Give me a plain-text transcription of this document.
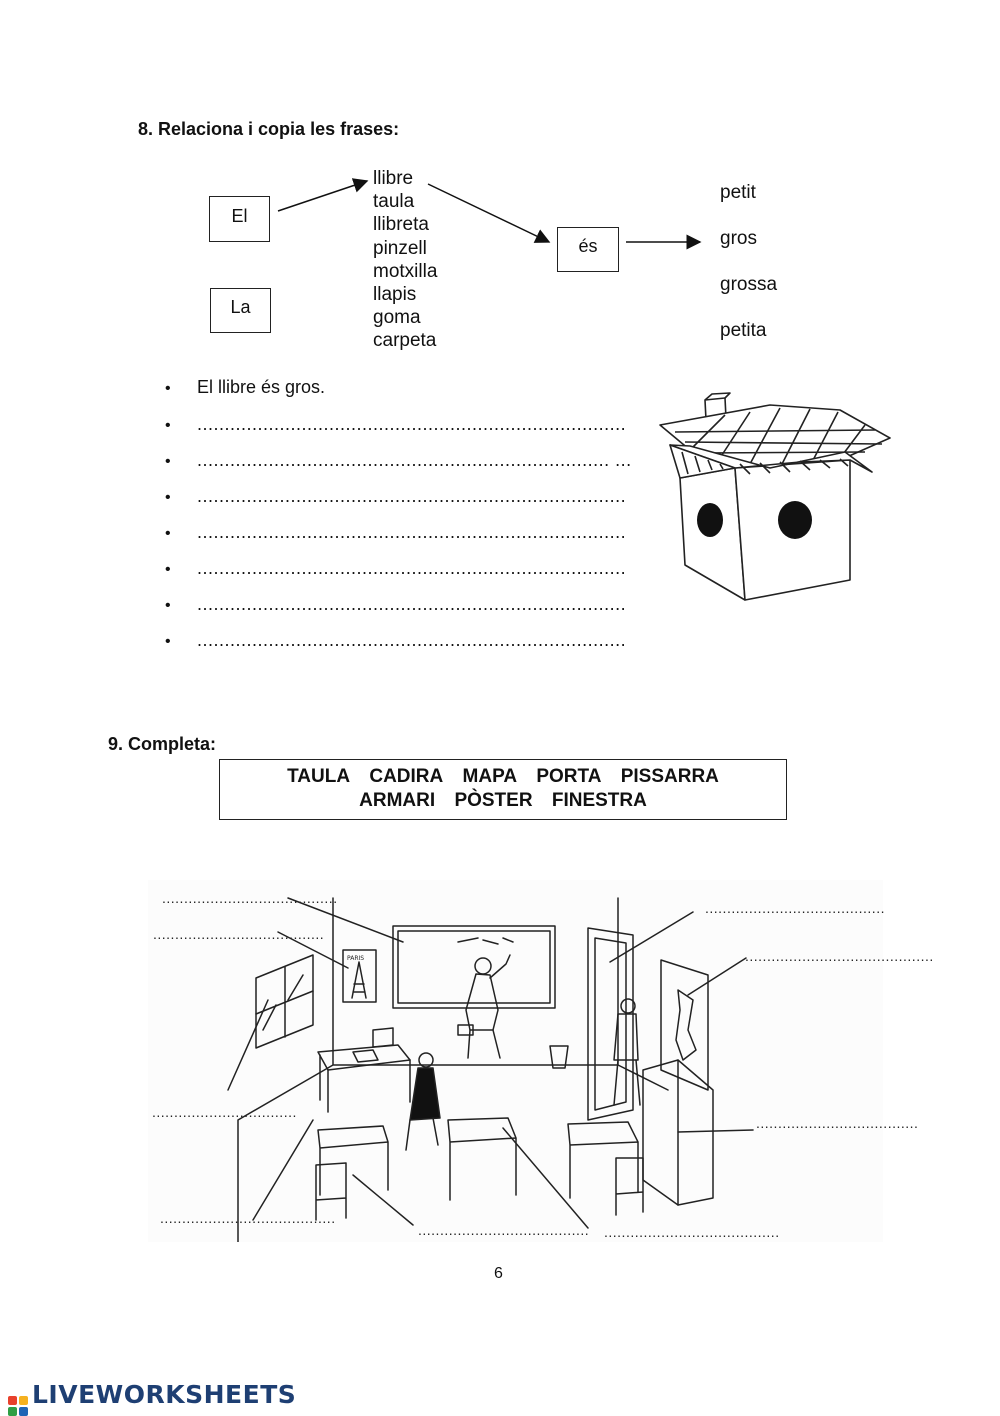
8. Relaciona i copia les frases:
El
La
llibre
taula
llibreta
pinzell
motxilla
llapis
goma
carpeta
és
petit
gros
grossa
petita
• El llibre és gros.
• ..............................................................................
• ........................................................................... ...
• ..............................................................................
• ..............................................................................
• ..............................................................................
•..............................................................................
• ..............................................................................
9. Completa:
TAULA CADIRA MAPA PORTA PISSARRA
ARMARI PÒSTER FINESTRA
PARIS
........................................
.......................................
.................................
........................................
....................................... ........................................
.........................................
...........................................
.....................................
6
LIVEWORKSHEETS
